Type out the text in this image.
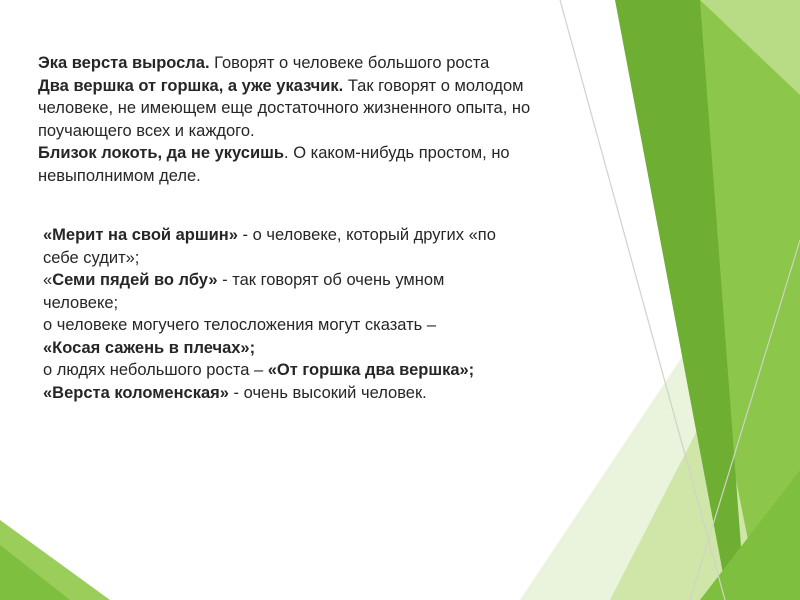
Эка верста выросла. Говорят о человеке большого роста
Два вершка от горшка, а уже указчик. Так говорят о молодом
человеке, не имеющем еще достаточного жизненного опыта, но
поучающего всех и каждого.
Близок локоть, да не укусишь. О каком-нибудь простом, но
невыполнимом деле.
«Мерит на свой аршин» - о человеке, который других «по
себе судит»;
«Семи пядей во лбу» - так говорят об очень умном
человеке;
о человеке могучего телосложения могут сказать –
«Косая сажень в плечах»;
о людях небольшого роста – «От горшка два вершка»;
«Верста коломенская» - очень высокий человек.
